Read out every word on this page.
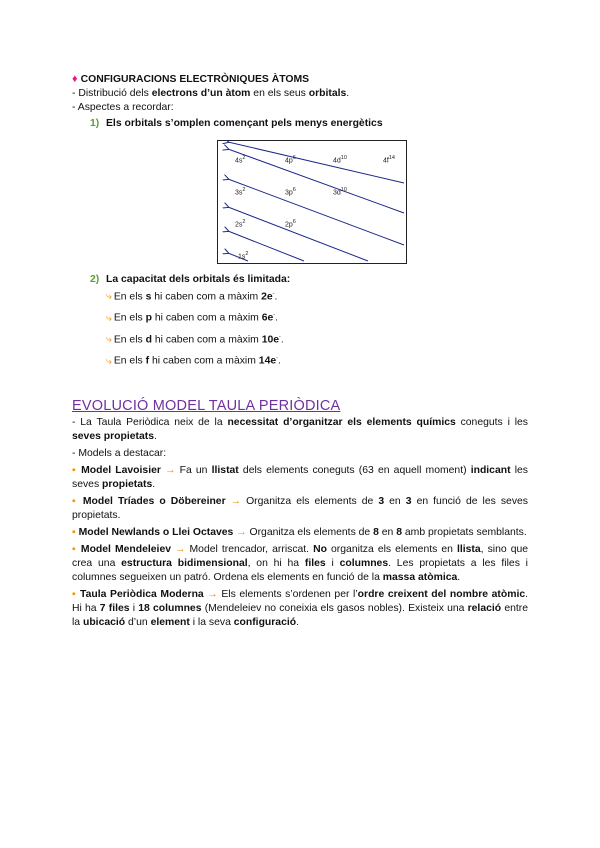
♦ CONFIGURACIONS ELECTRÒNIQUES ÀTOMS
- Distribució dels electrons d’un àtom en els seus orbitals.
- Aspectes a recordar:
1) Els orbitals s’omplen començant pels menys energètics
2) La capacitat dels orbitals és limitada:
⤷ En els s hi caben com a màxim 2e-.
⤷ En els p hi caben com a màxim 6e-.
⤷ En els d hi caben com a màxim 10e-.
⤷ En els f hi caben com a màxim 14e-.
EVOLUCIÓ MODEL TAULA PERIÒDICA
- La Taula Periòdica neix de la necessitat d’organitzar els elements químics coneguts i les seves propietats.
- Models a destacar:
▪ Model Lavoisier → Fa un llistat dels elements coneguts (63 en aquell moment) indicant les seves propietats.
▪ Model Tríades o Döbereiner → Organitza els elements de 3 en 3 en funció de les seves propietats.
▪ Model Newlands o Llei Octaves → Organitza els elements de 8 en 8 amb propietats semblants.
▪ Model Mendeleiev → Model trencador, arriscat. No organitza els elements en llista, sino que crea una estructura bidimensional, on hi ha files i columnes. Les propietats a les files i columnes segueixen un patró. Ordena els elements en funció de la massa atòmica.
▪ Taula Periòdica Moderna → Els elements s’ordenen per l’ordre creixent del nombre atòmic. Hi ha 7 files i 18 columnes (Mendeleiev no coneixia els gasos nobles). Existeix una relació entre la ubicació d’un element i la seva configuració.
$4s^2$	$4p^6$	$4d^{10}$	$4f^{14}$
$3s^2$	$3p^6$	$3d^{10}$
$2s^2$	$2p^6$
$1s^2$
